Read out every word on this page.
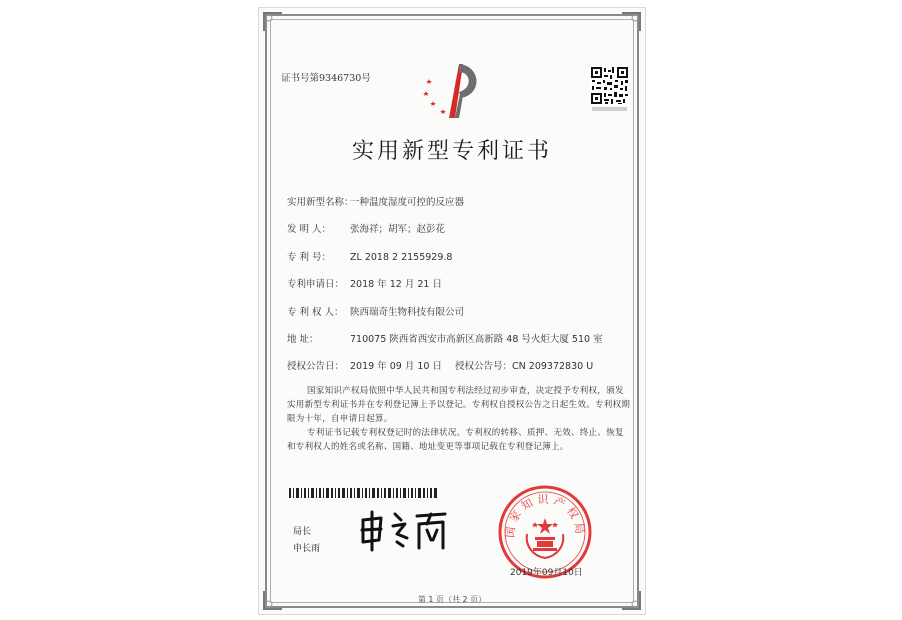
证书号第9346730号
实用新型专利证书
实用新型名称：一种温度湿度可控的反应器
发 明 人： 张海祥；胡军；赵彭花
专 利 号： ZL 2018 2 2155929.8
专利申请日： 2018 年 12 月 21 日
专 利 权 人： 陕西瑞奇生物科技有限公司
地 址：	710075 陕西省西安市高新区高新路 48 号火炬大厦 510 室
授权公告日： 2019 年 09 月 10 日 授权公告号：CN 209372830 U
国家知识产权局依照中华人民共和国专利法经过初步审查，决定授予专利权，颁发实用新型专利证书并在专利登记簿上予以登记。专利权自授权公告之日起生效。专利权期限为十年，自申请日起算。
专利证书记载专利权登记时的法律状况。专利权的转移、质押、无效、终止、恢复和专利权人的姓名或名称、国籍、地址变更等事项记载在专利登记簿上。
局长
申长雨
国家知识产权局
2019年09月10日
第 1 页（共 2 页）
